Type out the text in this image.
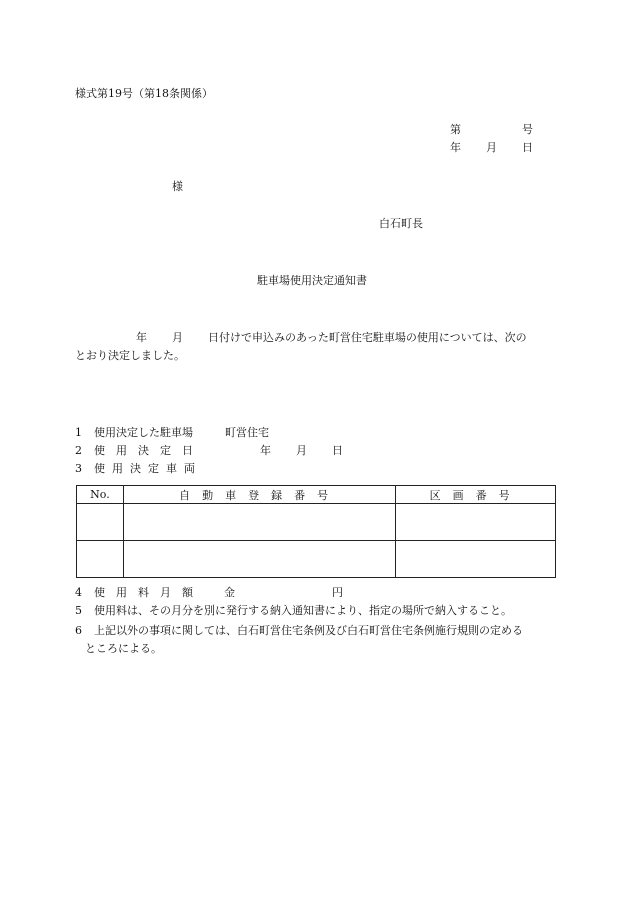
様式第19号（第18条関係）
第	号
年 月 日
様
白石町長
駐車場使用決定通知書
年 月 日付けで申込みのあった町営住宅駐車場の使用については、次の
とおり決定しました。
1 使用決定した駐車場	町営住宅
2 使用決定日	年 月 日
3 使用決定車両
No.	自動車登録番号	区画番号

4 使用料月額 金	円
5 使用料は、その月分を別に発行する納入通知書により、指定の場所で納入すること。
6 上記以外の事項に関しては、白石町営住宅条例及び白石町営住宅条例施行規則の定める
ところによる。
